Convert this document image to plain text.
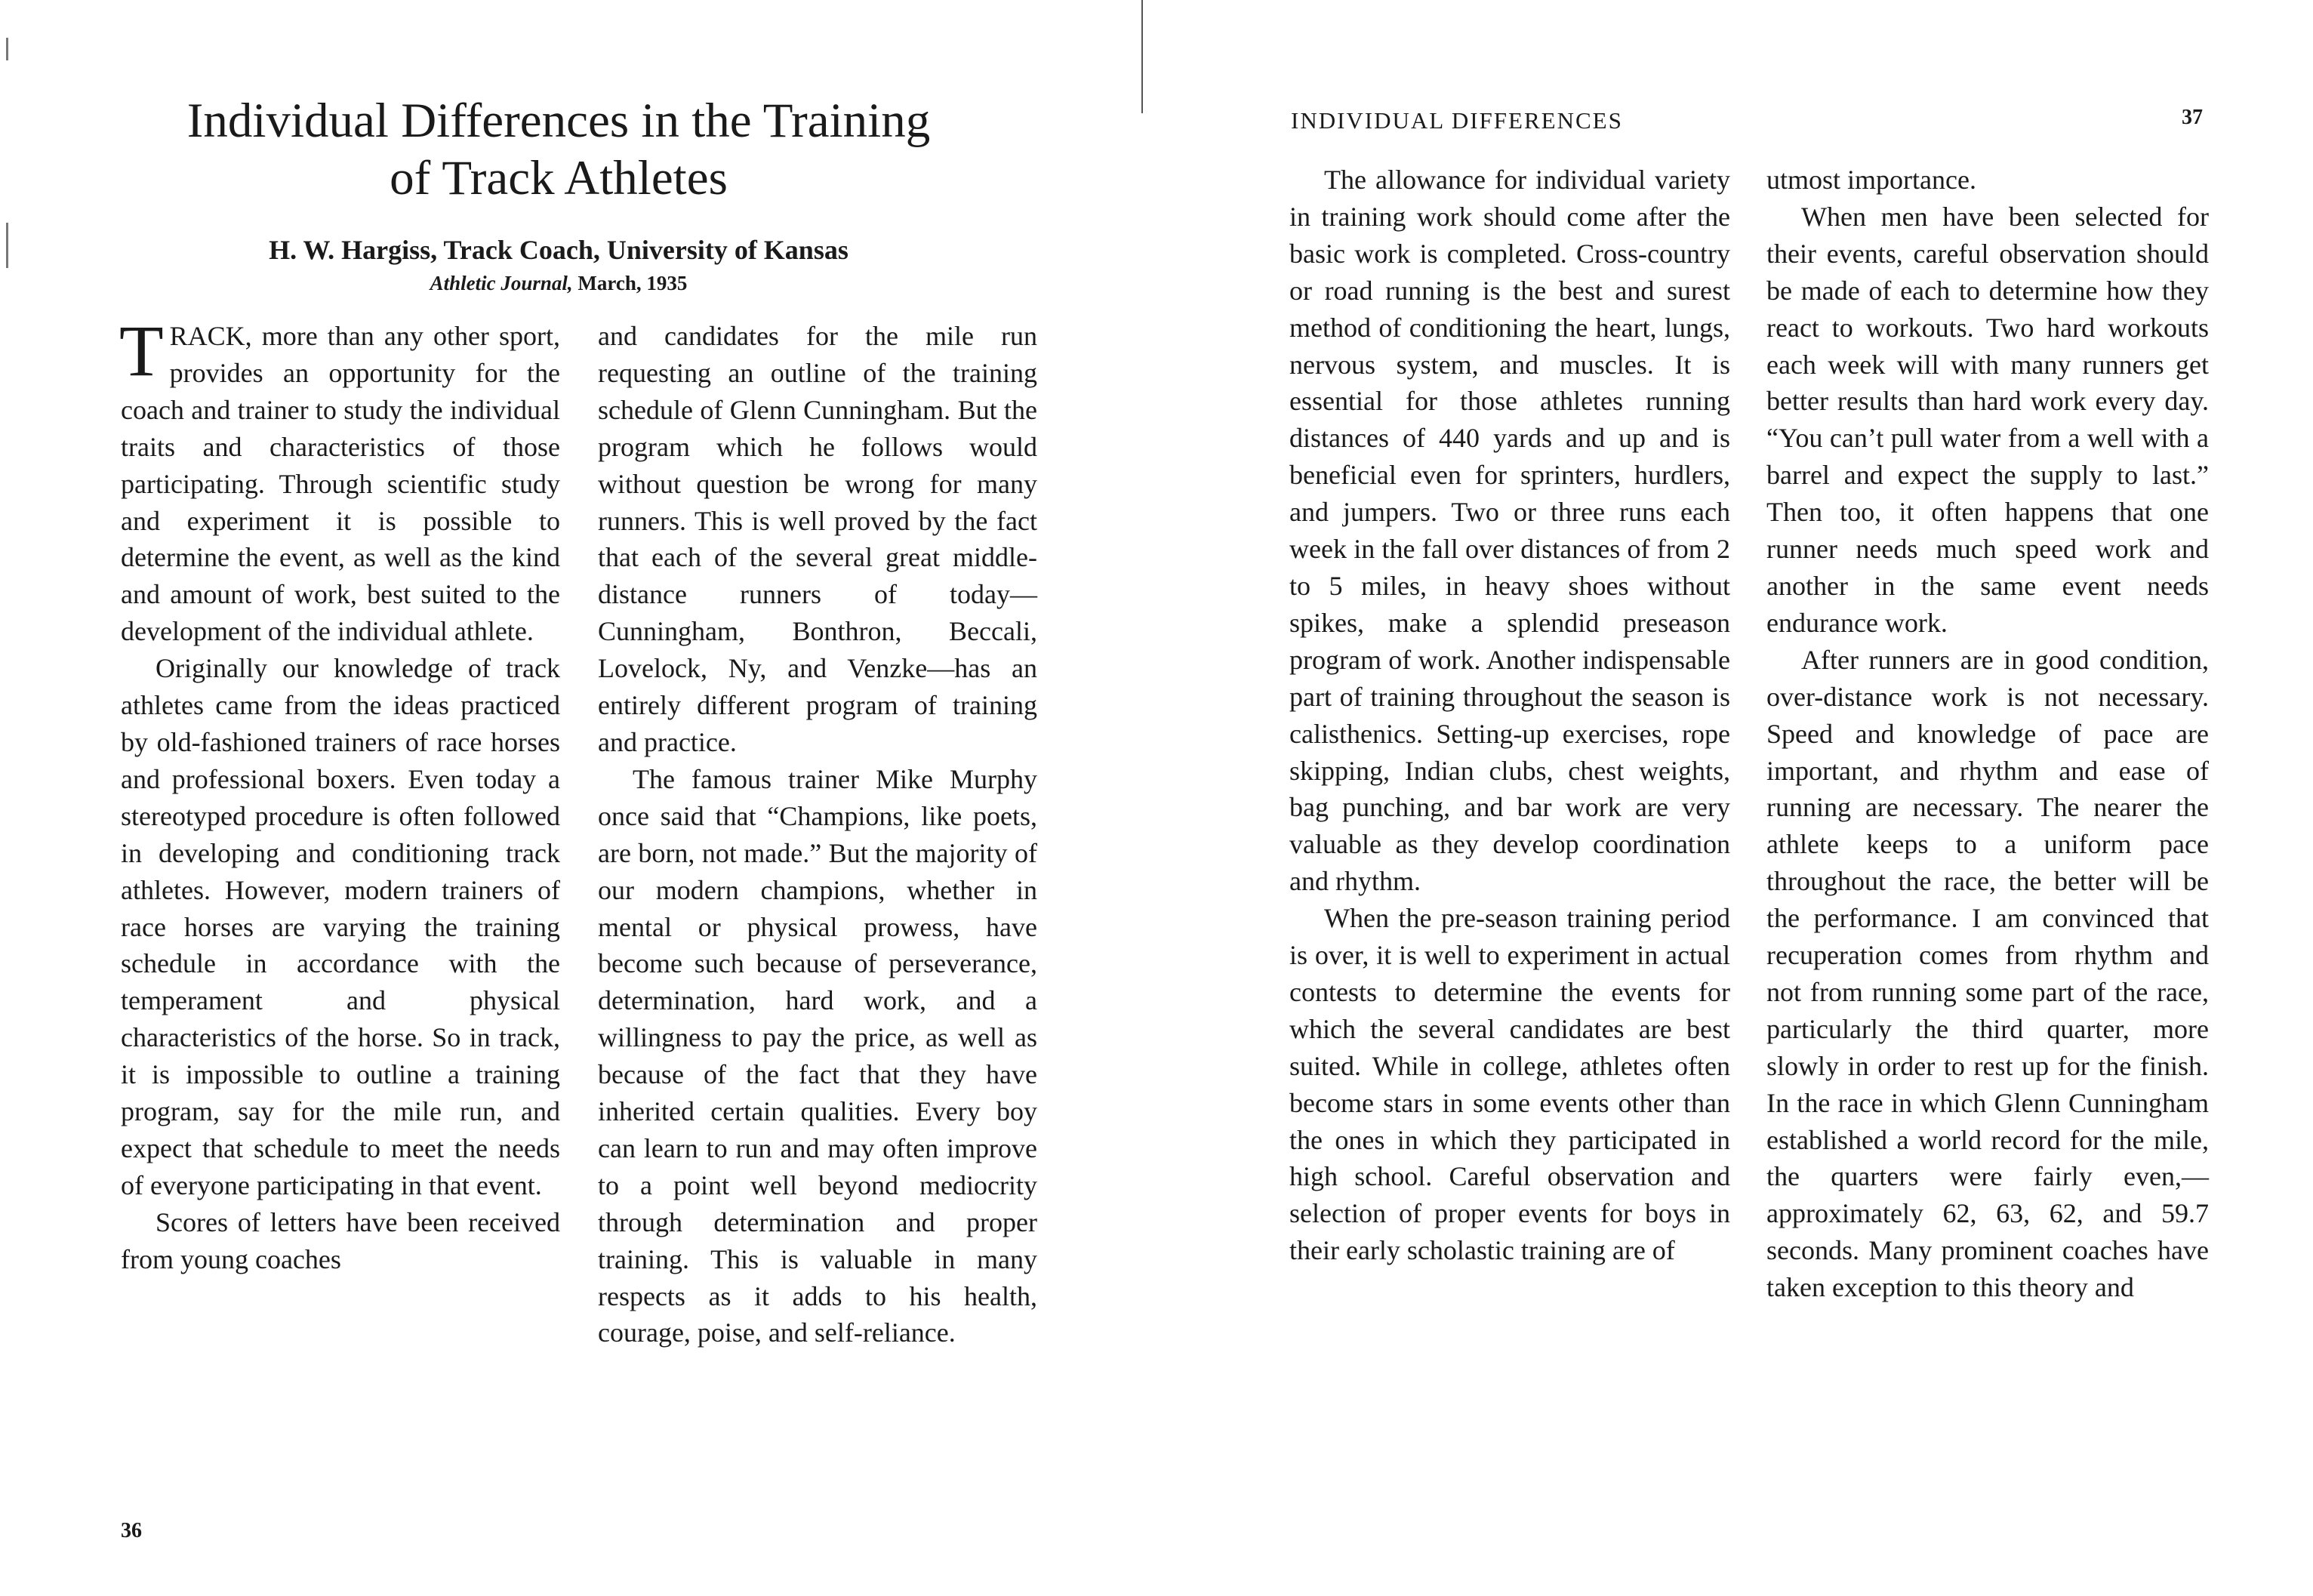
Individual Differences in the Training
of Track Athletes
H. W. Hargiss, Track Coach, University of Kansas
Athletic Journal, March, 1935

TRACK, more than any other sport, provides an opportunity for the coach and trainer to study the individual traits and characteristics of those participating. Through scientific study and experiment it is possible to determine the event, as well as the kind and amount of work, best suited to the development of the individual athlete.

Originally our knowledge of track athletes came from the ideas practiced by old-fashioned trainers of race horses and professional boxers. Even today a stereotyped procedure is often followed in developing and conditioning track athletes. However, modern trainers of race horses are varying the training schedule in accordance with the temperament and physical characteristics of the horse. So in track, it is impossible to outline a training program, say for the mile run, and expect that schedule to meet the needs of everyone participating in that event.

Scores of letters have been received from young coaches

and candidates for the mile run requesting an outline of the training schedule of Glenn Cunningham. But the program which he follows would without question be wrong for many runners. This is well proved by the fact that each of the several great middle-distance runners of today—Cunningham, Bonthron, Beccali, Lovelock, Ny, and Venzke—has an entirely different program of training and practice.

The famous trainer Mike Murphy once said that “Champions, like poets, are born, not made.” But the majority of our modern champions, whether in mental or physical prowess, have become such because of perseverance, determination, hard work, and a willingness to pay the price, as well as because of the fact that they have inherited certain qualities. Every boy can learn to run and may often improve to a point well beyond mediocrity through determination and proper training. This is valuable in many respects as it adds to his health, courage, poise, and self-reliance.

36
INDIVIDUAL DIFFERENCES	37

The allowance for individual variety in training work should come after the basic work is completed. Cross-country or road running is the best and surest method of conditioning the heart, lungs, nervous system, and muscles. It is essential for those athletes running distances of 440 yards and up and is beneficial even for sprinters, hurdlers, and jumpers. Two or three runs each week in the fall over distances of from 2 to 5 miles, in heavy shoes without spikes, make a splendid preseason program of work. Another indispensable part of training throughout the season is calisthenics. Setting-up exercises, rope skipping, Indian clubs, chest weights, bag punching, and bar work are very valuable as they develop coordination and rhythm.

When the pre-season training period is over, it is well to experiment in actual contests to determine the events for which the several candidates are best suited. While in college, athletes often become stars in some events other than the ones in which they participated in high school. Careful observation and selection of proper events for boys in their early scholastic training are of

utmost importance.

When men have been selected for their events, careful observation should be made of each to determine how they react to workouts. Two hard workouts each week will with many runners get better results than hard work every day. “You can’t pull water from a well with a barrel and expect the supply to last.” Then too, it often happens that one runner needs much speed work and another in the same event needs endurance work.

After runners are in good condition, over-distance work is not necessary. Speed and knowledge of pace are important, and rhythm and ease of running are necessary. The nearer the athlete keeps to a uniform pace throughout the race, the better will be the performance. I am convinced that recuperation comes from rhythm and not from running some part of the race, particularly the third quarter, more slowly in order to rest up for the finish. In the race in which Glenn Cunningham established a world record for the mile, the quarters were fairly even,—approximately 62, 63, 62, and 59.7 seconds. Many prominent coaches have taken exception to this theory and
